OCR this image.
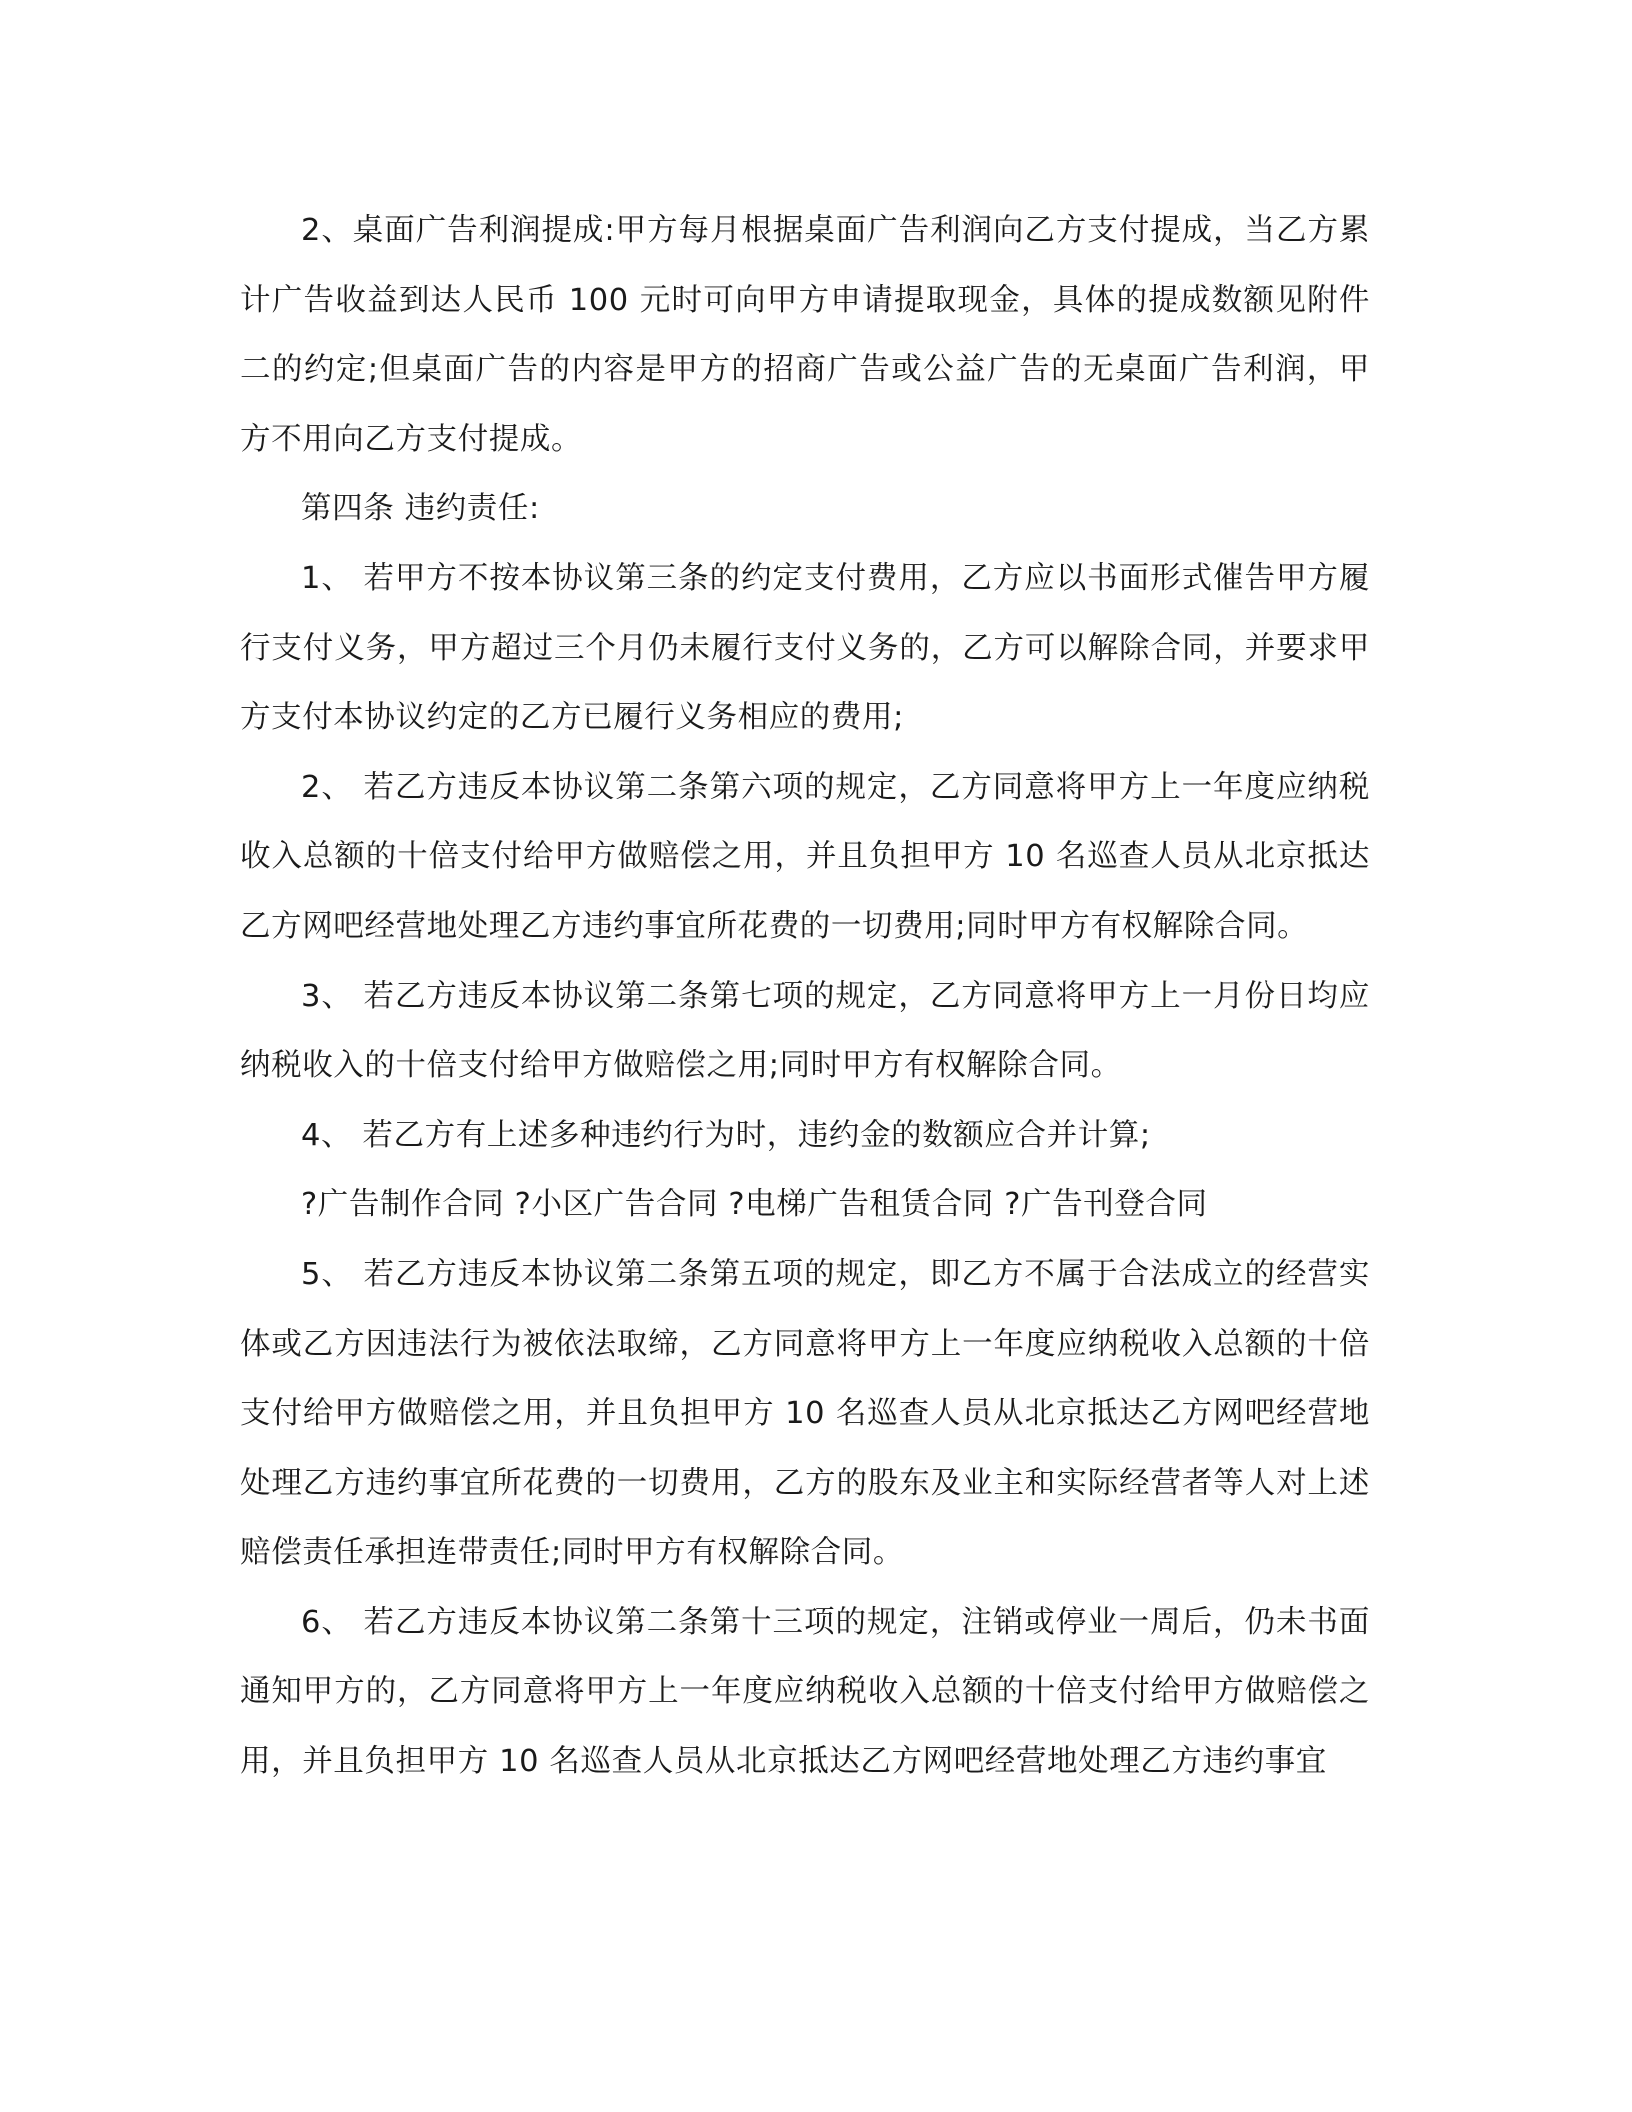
2、桌面广告利润提成:甲方每月根据桌面广告利润向乙方支付提成，当乙方累计广告收益到达人民币 100 元时可向甲方申请提取现金，具体的提成数额见附件二的约定;但桌面广告的内容是甲方的招商广告或公益广告的无桌面广告利润，甲方不用向乙方支付提成。

第四条 违约责任:

1、 若甲方不按本协议第三条的约定支付费用，乙方应以书面形式催告甲方履行支付义务，甲方超过三个月仍未履行支付义务的，乙方可以解除合同，并要求甲方支付本协议约定的乙方已履行义务相应的费用;

2、 若乙方违反本协议第二条第六项的规定，乙方同意将甲方上一年度应纳税收入总额的十倍支付给甲方做赔偿之用，并且负担甲方 10 名巡查人员从北京抵达乙方网吧经营地处理乙方违约事宜所花费的一切费用;同时甲方有权解除合同。

3、 若乙方违反本协议第二条第七项的规定，乙方同意将甲方上一月份日均应纳税收入的十倍支付给甲方做赔偿之用;同时甲方有权解除合同。

4、 若乙方有上述多种违约行为时，违约金的数额应合并计算;

?广告制作合同 ?小区广告合同 ?电梯广告租赁合同 ?广告刊登合同

5、 若乙方违反本协议第二条第五项的规定，即乙方不属于合法成立的经营实体或乙方因违法行为被依法取缔，乙方同意将甲方上一年度应纳税收入总额的十倍支付给甲方做赔偿之用，并且负担甲方 10 名巡查人员从北京抵达乙方网吧经营地处理乙方违约事宜所花费的一切费用，乙方的股东及业主和实际经营者等人对上述赔偿责任承担连带责任;同时甲方有权解除合同。

6、 若乙方违反本协议第二条第十三项的规定，注销或停业一周后，仍未书面通知甲方的，乙方同意将甲方上一年度应纳税收入总额的十倍支付给甲方做赔偿之用，并且负担甲方 10 名巡查人员从北京抵达乙方网吧经营地处理乙方违约事宜
